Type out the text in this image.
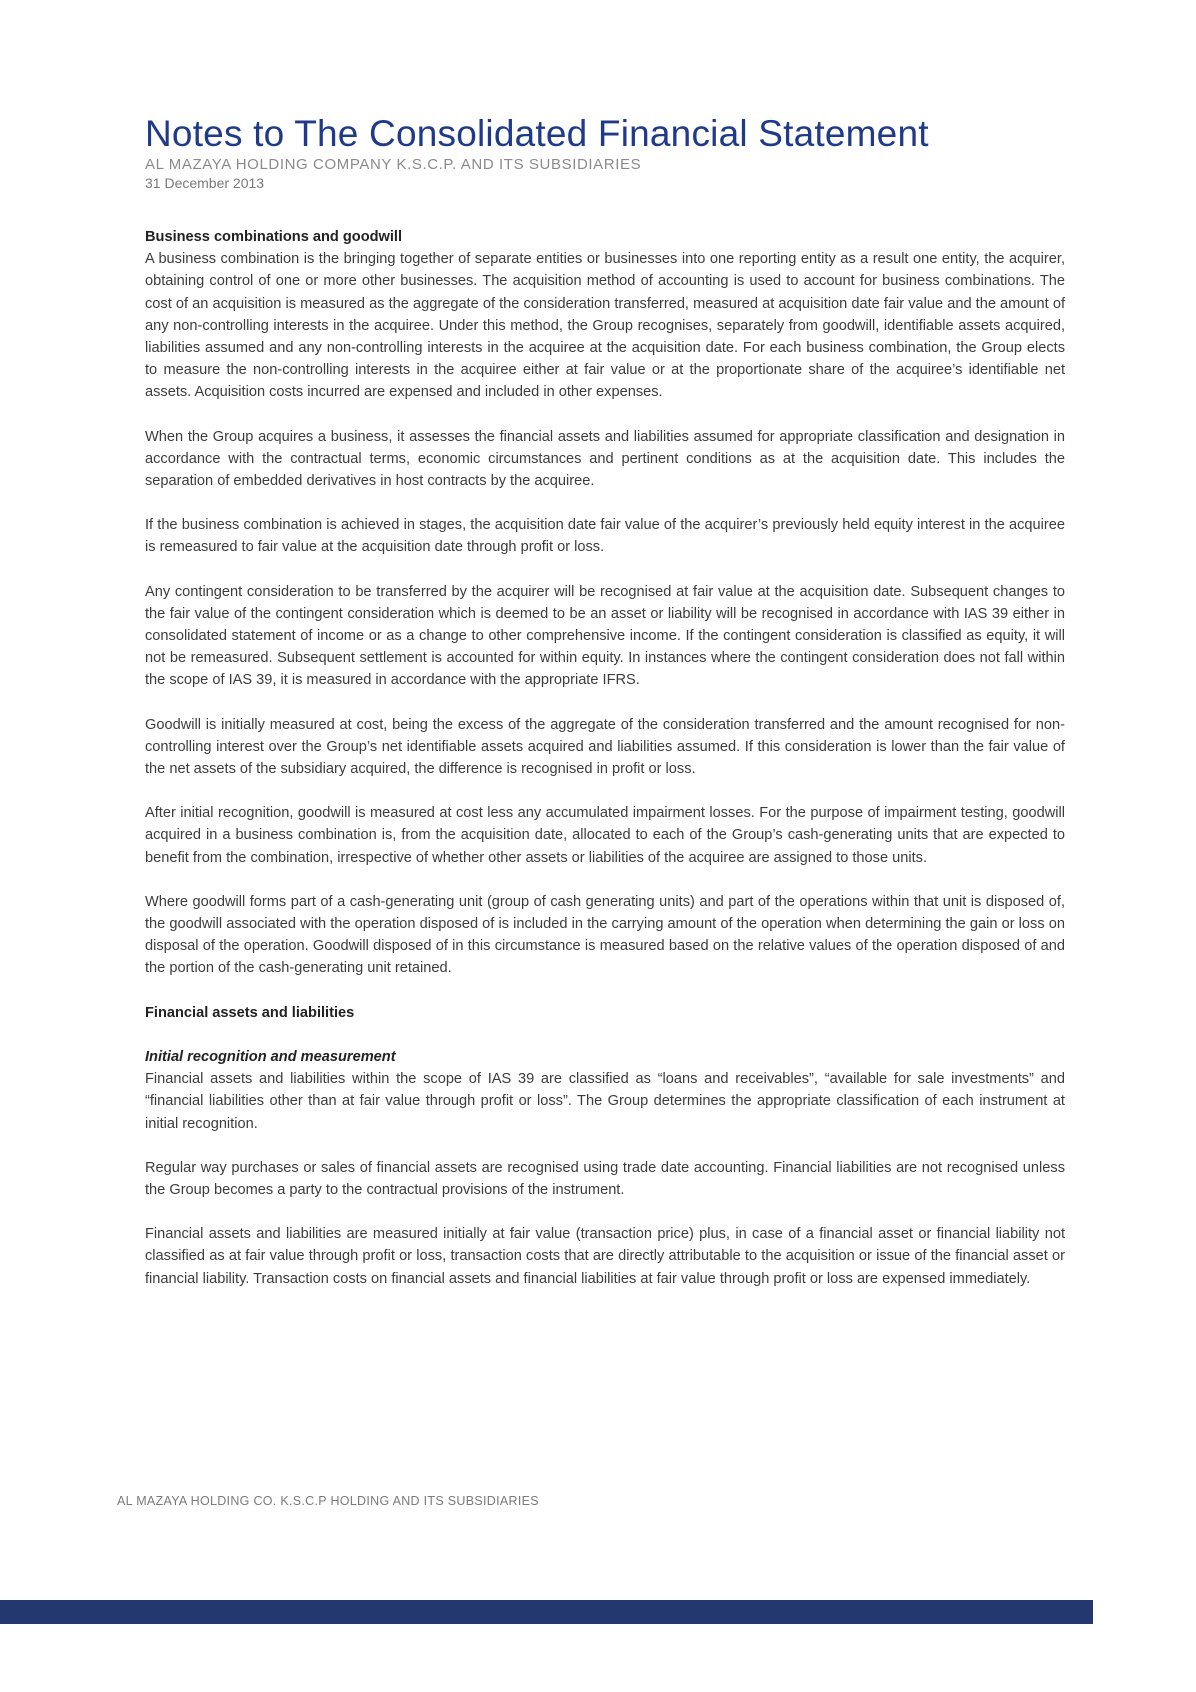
Notes to The Consolidated Financial Statement

AL MAZAYA HOLDING COMPANY K.S.C.P. AND ITS SUBSIDIARIES

31 December 2013

Business combinations and goodwill

A business combination is the bringing together of separate entities or businesses into one reporting entity as a result one entity, the acquirer, obtaining control of one or more other businesses. The acquisition method of accounting is used to account for business combinations. The cost of an acquisition is measured as the aggregate of the consideration transferred, measured at acquisition date fair value and the amount of any non-controlling interests in the acquiree. Under this method, the Group recognises, separately from goodwill, identifiable assets acquired, liabilities assumed and any non-controlling interests in the acquiree at the acquisition date. For each business combination, the Group elects to measure the non-controlling interests in the acquiree either at fair value or at the proportionate share of the acquiree’s identifiable net assets. Acquisition costs incurred are expensed and included in other expenses.

When the Group acquires a business, it assesses the financial assets and liabilities assumed for appropriate classification and designation in accordance with the contractual terms, economic circumstances and pertinent conditions as at the acquisition date. This includes the separation of embedded derivatives in host contracts by the acquiree.

If the business combination is achieved in stages, the acquisition date fair value of the acquirer’s previously held equity interest in the acquiree is remeasured to fair value at the acquisition date through profit or loss.

Any contingent consideration to be transferred by the acquirer will be recognised at fair value at the acquisition date. Subsequent changes to the fair value of the contingent consideration which is deemed to be an asset or liability will be recognised in accordance with IAS 39 either in consolidated statement of income or as a change to other comprehensive income. If the contingent consideration is classified as equity, it will not be remeasured. Subsequent settlement is accounted for within equity. In instances where the contingent consideration does not fall within the scope of IAS 39, it is measured in accordance with the appropriate IFRS.

Goodwill is initially measured at cost, being the excess of the aggregate of the consideration transferred and the amount recognised for non-controlling interest over the Group’s net identifiable assets acquired and liabilities assumed. If this consideration is lower than the fair value of the net assets of the subsidiary acquired, the difference is recognised in profit or loss.

After initial recognition, goodwill is measured at cost less any accumulated impairment losses. For the purpose of impairment testing, goodwill acquired in a business combination is, from the acquisition date, allocated to each of the Group’s cash-generating units that are expected to benefit from the combination, irrespective of whether other assets or liabilities of the acquiree are assigned to those units.

Where goodwill forms part of a cash-generating unit (group of cash generating units) and part of the operations within that unit is disposed of, the goodwill associated with the operation disposed of is included in the carrying amount of the operation when determining the gain or loss on disposal of the operation. Goodwill disposed of in this circumstance is measured based on the relative values of the operation disposed of and the portion of the cash-generating unit retained.

Financial assets and liabilities
Initial recognition and measurement

Financial assets and liabilities within the scope of IAS 39 are classified as “loans and receivables”, “available for sale investments” and “financial liabilities other than at fair value through profit or loss”. The Group determines the appropriate classification of each instrument at initial recognition.

Regular way purchases or sales of financial assets are recognised using trade date accounting. Financial liabilities are not recognised unless the Group becomes a party to the contractual provisions of the instrument.

Financial assets and liabilities are measured initially at fair value (transaction price) plus, in case of a financial asset or financial liability not classified as at fair value through profit or loss, transaction costs that are directly attributable to the acquisition or issue of the financial asset or financial liability. Transaction costs on financial assets and financial liabilities at fair value through profit or loss are expensed immediately.

AL MAZAYA HOLDING CO. K.S.C.P HOLDING AND ITS SUBSIDIARIES
